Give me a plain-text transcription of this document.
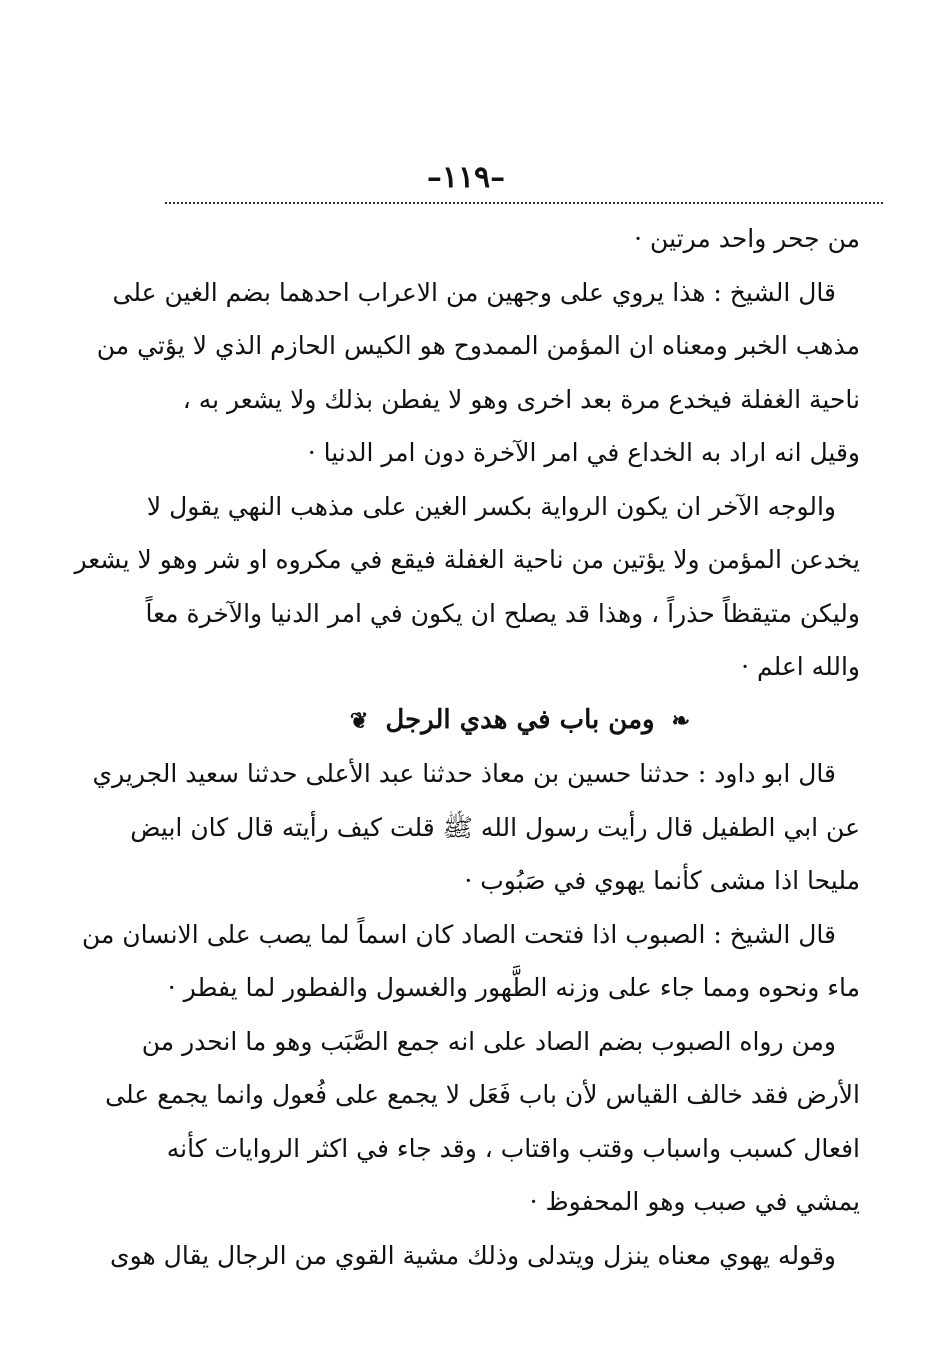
–١١٩–
من جحر واحد مرتين ·
قال الشيخ : هذا يروي على وجهين من الاعراب احدهما بضم الغين على
مذهب الخبر ومعناه ان المؤمن الممدوح هو الكيس الحازم الذي لا يؤتي من
ناحية الغفلة فيخدع مرة بعد اخرى وهو لا يفطن بذلك ولا يشعر به ،
وقيل انه اراد به الخداع في امر الآخرة دون امر الدنيا ·
والوجه الآخر ان يكون الرواية بكسر الغين على مذهب النهي يقول لا
يخدعن المؤمن ولا يؤتين من ناحية الغفلة فيقع في مكروه او شر وهو لا يشعر
وليكن متيقظاً حذراً ، وهذا قد يصلح ان يكون في امر الدنيا والآخرة معاً
والله اعلم ·
❧ ومن باب في هدي الرجل ❦
قال ابو داود : حدثنا حسين بن معاذ حدثنا عبد الأعلى حدثنا سعيد الجريري
عن ابي الطفيل قال رأيت رسول الله ﷺ قلت كيف رأيته قال كان ابيض
مليحا اذا مشى كأنما يهوي في صَبُوب ·
قال الشيخ : الصبوب اذا فتحت الصاد كان اسماً لما يصب على الانسان من
ماء ونحوه ومما جاء على وزنه الطَّهور والغسول والفطور لما يفطر ·
ومن رواه الصبوب بضم الصاد على انه جمع الصَّبَب وهو ما انحدر من
الأرض فقد خالف القياس لأن باب فَعَل لا يجمع على فُعول وانما يجمع على
افعال كسبب واسباب وقتب واقتاب ، وقد جاء في اكثر الروايات كأنه
يمشي في صبب وهو المحفوظ ·
وقوله يهوي معناه ينزل ويتدلى وذلك مشية القوي من الرجال يقال هوى
